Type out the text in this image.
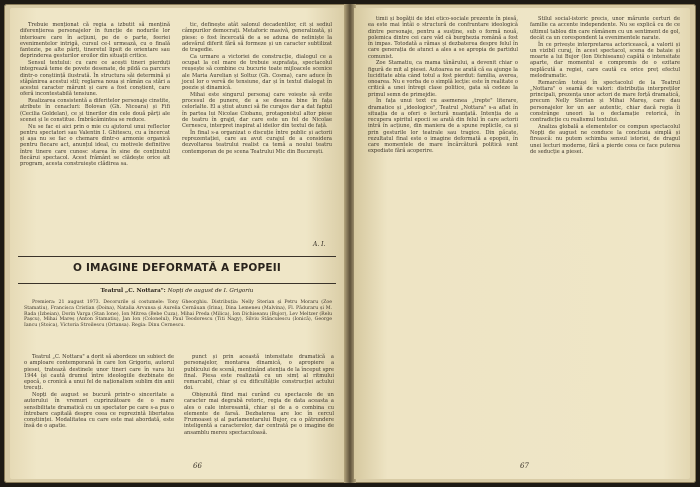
Trebuie menționat că regia a izbutit să mențină diferențierea personajelor în funcție de nodurile lor interioare care în acțiuni, pe de o parte, feeriei evenimentelor intrigă, cursul ce-l urmează, cu o finală fantezie, pe alte părți, tineretul lipsit de orientare sau deprinderea gesturilor eroilor din situații critice.

Sensul textului: cu care ce acești tineri pierduți integrează teme de povete desenate, de pildă ca parcurs dintr-o conștiință ilustrată. În structura săi determină și stăpânirea acestui stil; reglarea noua și rămân ca stări a acestui caracter mărunt și care a fost conștient, care oferă incontestabilă tensiune.

Realizarea consistentă a diferitelor personaje cinstite, atribute în cenacluri: Bolovan (Gh. Nicoara) și Fifi (Cecilia Goldelan), ce și tinerilor din cele două părți ale scenei și le constitue. Îmbrăcămintea se reduce.

Nu se fac ei aici prin o mie cu ajutorul unui reflector pentru spectatori sau Valentin I. Ghitescu, cu a încercat și așa nu se fac o chemare dintr-o armonie organică pentru fiecare act, anunțul ideal, cu motivele definitive între tinere care cunosc starea în sine de conținutul fiecărui spectacol. Acest frământ se clădește orice alt program, acesta construiește clădirea sa.

tic, definește atât salonul decadentilor, cit și sediul câmpurilor democrați. Metaforic masivă, generalizată, și piese: o fost încercată de a se aduna de neliniște la adevărul diferit fără să formeze și un caracter subtilizat de tragedie.

Ca urmare a victoriei de construcție, dialogul ce a ocupat la cel mare de trebuie suprafața, spectacolul reușește să combine cu bucurie toate mijloacele scenice ale Maria Aurelian și Soltuz (Gh. Cosma), care aduce în jocul lor o vervă de tensiune, dar și în textul dialogat în poezie și dinamică.

Mihai este singurul personaj care voiește să evite procesul de punere, de a se desena bine în fața celorlalte. El a știut atunci să fie curajos dar a dat faptul în partea lui Nicolae Ciobanu, protagonistul altor piese de teatru în grajd, dar care este un fel de Nicolae Cernescu, interpret inspirat al ideilor din textul de față.

În final s-a organizat o discuție între public și actorii reprezentației, care au avut curajul de a considera dezvoltarea teatrului realist ca temă a noului teatru contemporan de pe scena Teatrului Mic din București.

A. I.
O IMAGINE DEFORMATĂ A EPOPEII
Teatrul „C. Nottara": Nopți de august de I. Grigoriu
Premiera: 21 august 1973. Decorurile și costumele: Tony Gheorghiu. Distribuția: Nelly Sterian și Petru Moraru (Zoe Stamatiu), Francisca Cristian (Doina), Natalia Arvunsa și Aurelia Cernăuan (Irina), Dina Lemeneu (Malvina), Fl. Păduraru și M. Rada (Izbeian), Dorin Varga (Stan Ione), Ion Mitrea (Bebe Cuza), Mihai Preda (Milica), Ion Dichiseanu (Bujor), Lev Meltzer (Relu Pașcu), Mihai Mareș (Anton Stamatiu), Jan Ion (Colonelul), Paul Teodorescu (Titi Nagy), Silviu Stănculescu (Ionică), George Iancu (Stoica), Victoria Stroilescu (Ortansa). Regia: Dinu Cernescu.

Teatrul „C. Nottara" a dorit să abordeze un subiect de o amploare contemporană în care Ion Grigoriu, autorul piesei, tratează destinele unor tineri care în vara lui 1944 își caută drumul între ideologiile dezbinate de epocă, o cronică a unui fel de naționalism sublim din anii trecuți.

Nopți de august se bucură printr-o sinceritate a autorului în vremuri cuprinzătoare de o mare sensibilitate dramatică cu un spectator pe care s-a pus o întrebare capitală despre ceea ce reprezintă libertatea conștiinței. Modalitatea cu care este mai abordată, este însă de o apatie.

punct și prin această intensitate dramatică a personajelor, montarea dinamică, o apropiere a publicului de scenă, menținând atenția de la început spre final. Piesa este realizată cu un simț al ritmului remarcabil, chiar și cu dificultățile construcției actului doi.

Obișnuită fiind mai curând cu spectacole de un caracter mai degrabă retoric, regia de data aceasta a ales o cale interesantă, chiar și de a o combina cu elemente de farsă. Dezbaterea are loc în cercul Frumoasei și al parlamentarului Bujor, cu o pătrundere inteligentă a caracterelor, dar centrată pe o imagine de ansamblu mereu spectaculoasă.

66

timii și bogății de idei etico-sociale prezente în piesă, ea este mai întâi o structură de confruntare ideologică dintre personaje, pentru a susține, sub o formă nouă, polemica dintre cei care văd că burghezia română a fost în impas. Totodată a rămas și dezbaterea despre felul în care generația de atunci a ales a se apropia de partidul comunist.

Zoe Stamatiu, ca mama tânărului, a devenit chiar o figură de mit al piesei. Autoarea ne arată că ea ajunge la luciditate abia când totul a fost pierdut: familia, averea, onoarea. Nu e vorba de o simplă lecție: este în realitate o critică a unei întregi clase politice, gata să cedeze la primul semn de primejdie.

În fața unui text cu asemenea „trepte" literare, dramatice și „ideologice", Teatrul „Nottara" s-a aflat în situația de a oferi o lectură nuanțată. Intenția de a recupera spiritul epocii se arată din felul în care actorii intră în acțiune, din maniera de a spune replicile, ca și prin gesturile lor teatrale sau tragice. Din păcate, rezultatul final este o imagine deformată a epopeii, în care momentele de mare încărcătură politică sunt expediate fără acoperire.

Stilul social-istoric precis, unor mărunte certuri de familie ca accente independente. Nu se explică cu de ce ultimul tablou din care rămânem cu un sentiment de gol, decât ca un corespondent la evenimentele narate.

În ce privește interpretarea actoricească, a valorii și un vizibil curaj, în acest spectacol, scena de bataie și moarte a lui Bujor (Ion Dichiseanu) capătă o intensitate aparte, dar momentul e compromis de o ezitare neplăcută a regiei, care caută cu orice preț efectul melodramatic.

Remarcăm totuși în spectacolul de la Teatrul „Nottara" o seamă de valori: distribuția interpreților principali, prezența unor actori de mare forță dramatică, precum Nelly Sterian și Mihai Mareș, care dau personajelor lor un aer autentic, chiar dacă regia îi constrânge uneori la o declamație retorică, în contradicție cu realismul textului.

Analiza globală a elementelor ce compun spectacolul Nopți de august ne conduce la concluzia simplă și firească: nu putem schimba sensul istoriei, de dragul unei lecturi moderne, fără a pierde ceea ce face puterea de seducție a piesei.

67
